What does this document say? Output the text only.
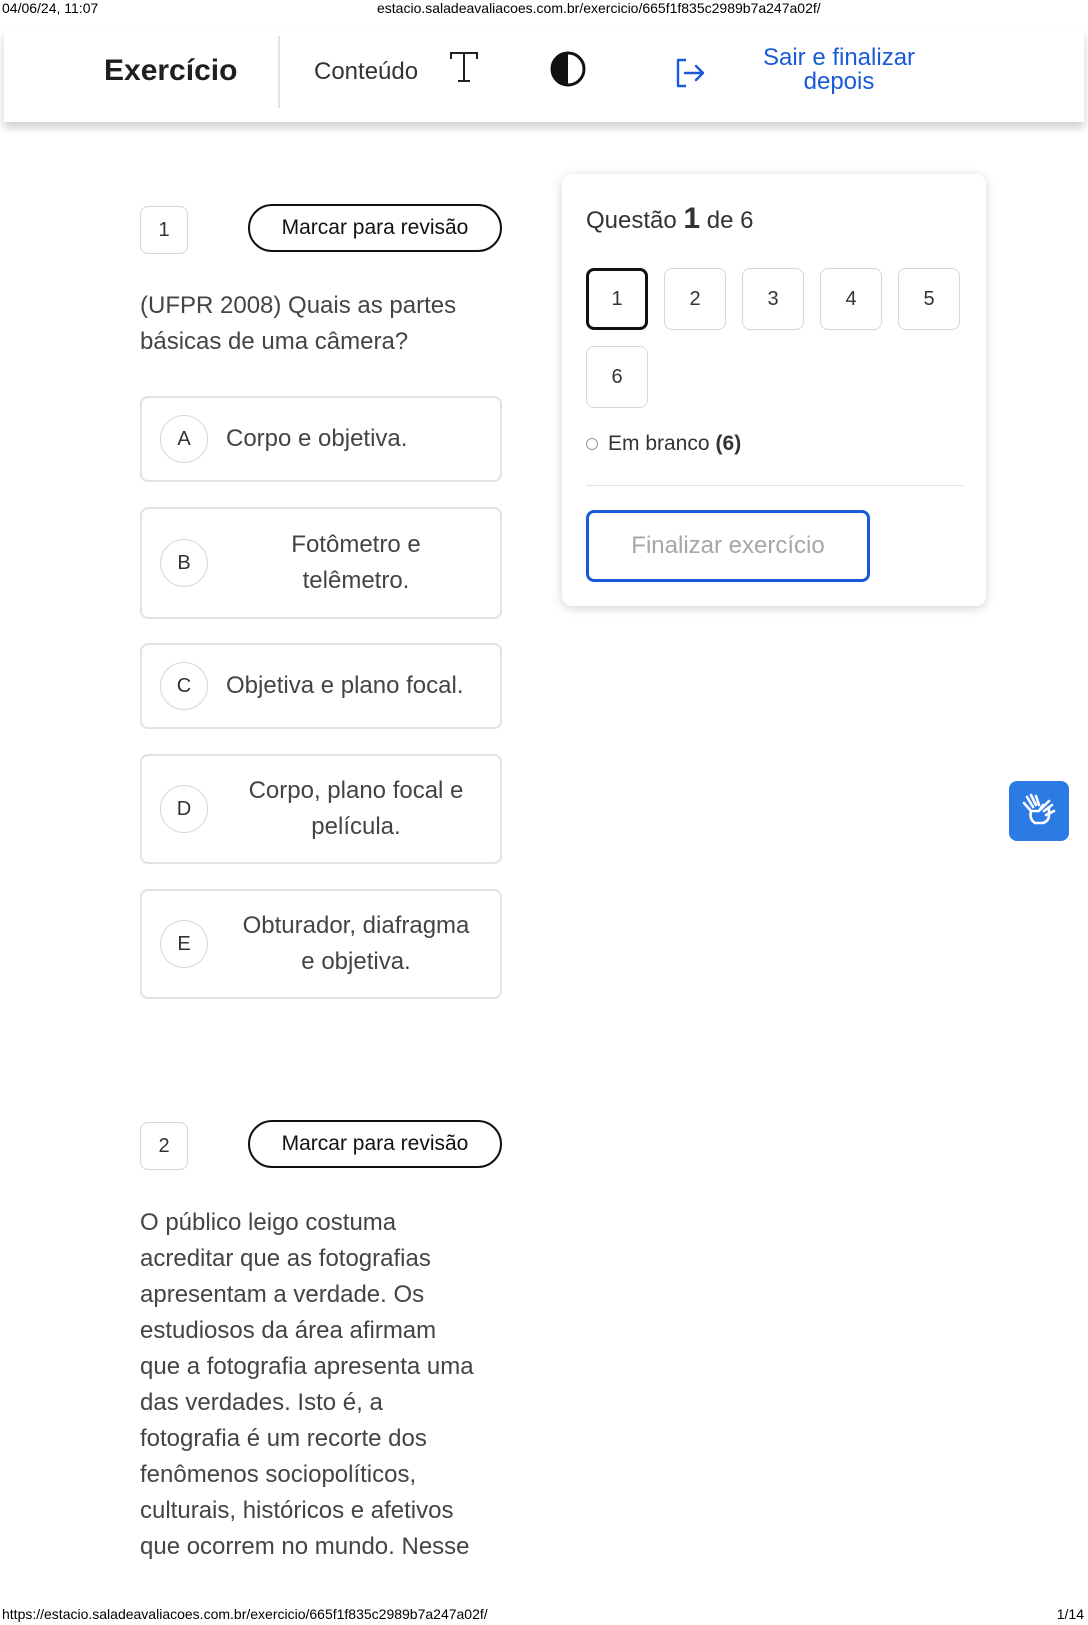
04/06/24, 11:07	estacio.saladeavaliacoes.com.br/exercicio/665f1f835c2989b7a247a02f/
Exercício	Conteúdo
Sair e finalizar
depois
1	Marcar para revisão
(UFPR 2008) Quais as partes
básicas de uma câmera?
A	Corpo e objetiva.
B
Fotômetro e
telêmetro.
C	Objetiva e plano focal.
D
Corpo, plano focal e
película.
E
Obturador, diafragma
e objetiva.
2	Marcar para revisão
O público leigo costuma
acreditar que as fotografias
apresentam a verdade. Os
estudiosos da área afirmam
que a fotografia apresenta uma
das verdades. Isto é, a
fotografia é um recorte dos
fenômenos sociopolíticos,
culturais, históricos e afetivos
que ocorrem no mundo. Nesse
Questão 1 de 6
1	2	3	4	5
6
Em branco (6)
Finalizar exercício
https://estacio.saladeavaliacoes.com.br/exercicio/665f1f835c2989b7a247a02f/	1/14
